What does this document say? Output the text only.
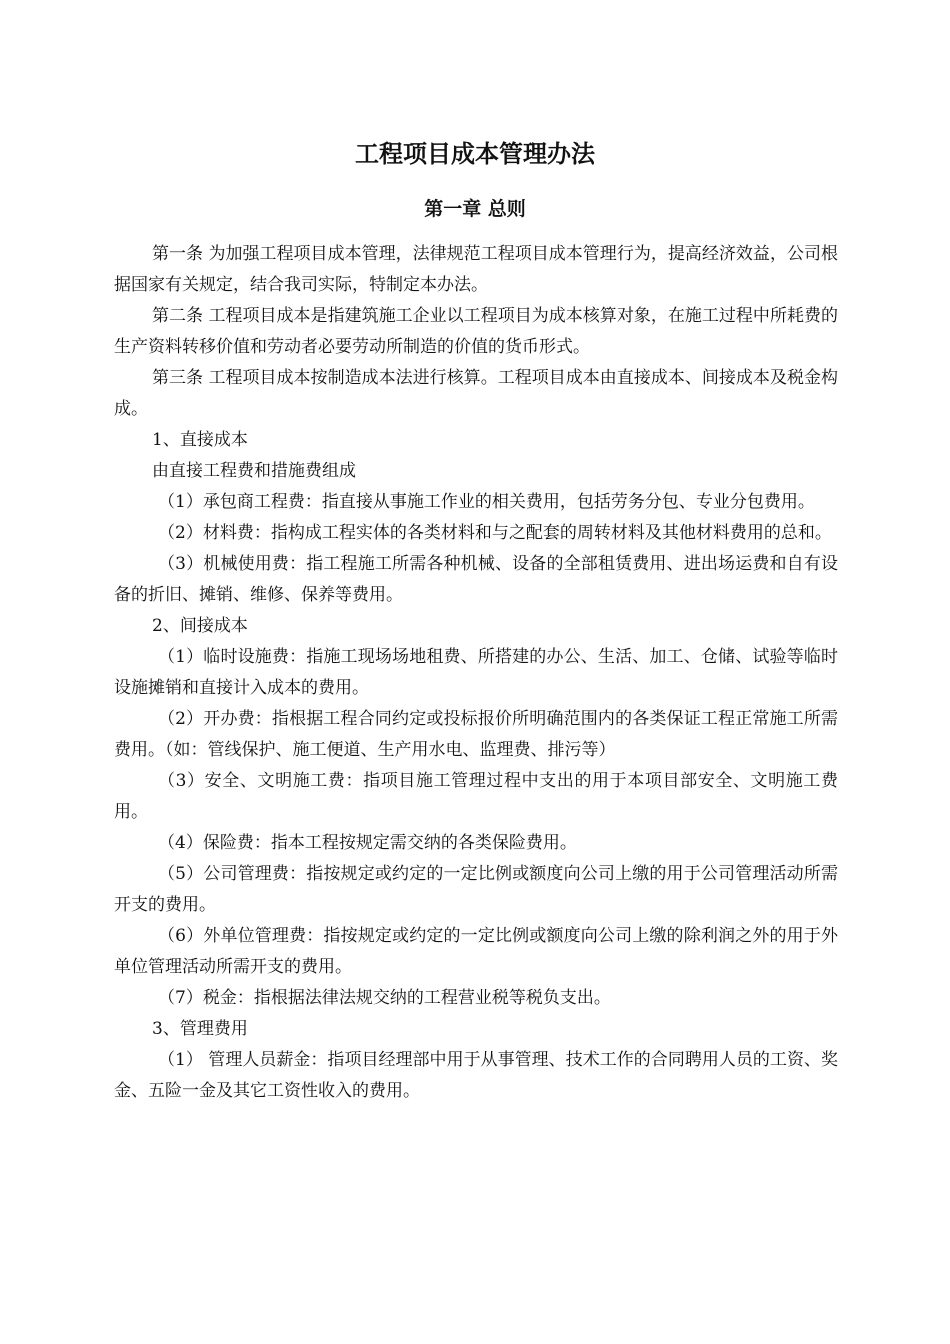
工程项目成本管理办法
第一章 总则

第一条 为加强工程项目成本管理，法律规范工程项目成本管理行为，提高经济效益，公司根据国家有关规定，结合我司实际，特制定本办法。

第二条 工程项目成本是指建筑施工企业以工程项目为成本核算对象，在施工过程中所耗费的生产资料转移价值和劳动者必要劳动所制造的价值的货币形式。

第三条 工程项目成本按制造成本法进行核算。工程项目成本由直接成本、间接成本及税金构成。

1、直接成本

由直接工程费和措施费组成

（1）承包商工程费：指直接从事施工作业的相关费用，包括劳务分包、专业分包费用。

（2）材料费：指构成工程实体的各类材料和与之配套的周转材料及其他材料费用的总和。

（3）机械使用费：指工程施工所需各种机械、设备的全部租赁费用、进出场运费和自有设备的折旧、摊销、维修、保养等费用。

2、间接成本

（1）临时设施费：指施工现场场地租费、所搭建的办公、生活、加工、仓储、试验等临时设施摊销和直接计入成本的费用。

（2）开办费：指根据工程合同约定或投标报价所明确范围内的各类保证工程正常施工所需费用。（如：管线保护、施工便道、生产用水电、监理费、排污等）

（3）安全、文明施工费：指项目施工管理过程中支出的用于本项目部安全、文明施工费用。

（4）保险费：指本工程按规定需交纳的各类保险费用。

（5）公司管理费：指按规定或约定的一定比例或额度向公司上缴的用于公司管理活动所需开支的费用。

（6）外单位管理费：指按规定或约定的一定比例或额度向公司上缴的除利润之外的用于外单位管理活动所需开支的费用。

（7）税金：指根据法律法规交纳的工程营业税等税负支出。

3、管理费用

（1） 管理人员薪金：指项目经理部中用于从事管理、技术工作的合同聘用人员的工资、奖金、五险一金及其它工资性收入的费用。
